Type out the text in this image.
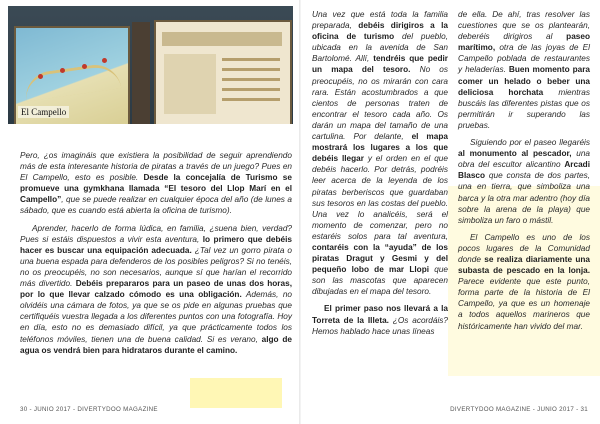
El Campello

Pero, ¿os imagináis que existiera la posibilidad de seguir aprendiendo más de esta interesante historia de piratas a través de un juego? Pues en El Campello, esto es posible. Desde la concejalía de Turismo se promueve una gymkhana llamada “El tesoro del Llop Marí en el Campello”, que se puede realizar en cualquier época del año (de lunes a sábado, que es cuando está abierta la oficina de turismo).

Aprender, hacerlo de forma lúdica, en familia, ¿suena bien, verdad? Pues si estáis dispuestos a vivir esta aventura, lo primero que debéis hacer es buscar una equipación adecuada. ¿Tal vez un gorro pirata o una buena espada para defenderos de los posibles peligros? Si no tenéis, no os preocupéis, no son necesarios, aunque sí que harían el recorrido más divertido. Debéis prepararos para un paseo de unas dos horas, por lo que llevar calzado cómodo es una obligación. Además, no olvidéis una cámara de fotos, ya que se os pide en algunas pruebas que certifiquéis vuestra llegada a los diferentes puntos con una fotografía. Hoy en día, esto no es demasiado difícil, ya que prácticamente todos los teléfonos móviles, tienen una de buena calidad. Si es verano, algo de agua os vendrá bien para hidrataros durante el camino.

Una vez que está toda la familia preparada, debéis dirigiros a la oficina de turismo del pueblo, ubicada en la avenida de San Bartolomé. Allí, tendréis que pedir un mapa del tesoro. No os preocupéis, no os mirarán con cara rara. Están acostumbrados a que cientos de personas traten de encontrar el tesoro cada año. Os darán un mapa del tamaño de una cartulina. Por delante, el mapa mostrará los lugares a los que debéis llegar y el orden en el que debéis hacerlo. Por detrás, podréis leer acerca de la leyenda de los piratas berberiscos que guardaban sus tesoros en las costas del pueblo. Una vez lo analicéis, será el momento de comenzar, pero no estaréis solos para tal aventura, contaréis con la “ayuda” de los piratas Dragut y Gesmi y del pequeño lobo de mar Llopi que son las mascotas que aparecen dibujadas en el mapa del tesoro.

El primer paso nos llevará a la Torreta de la Illeta. ¿Os acordáis? Hemos hablado hace unas líneas

de ella. De ahí, tras resolver las cuestiones que se os plantearán, deberéis dirigiros al paseo marítimo, otra de las joyas de El Campello poblada de restaurantes y heladerías. Buen momento para comer un helado o beber una deliciosa horchata mientras buscáis las diferentes pistas que os permitirán ir superando las pruebas.

Siguiendo por el paseo llegaréis al monumento al pescador, una obra del escultor alicantino Arcadi Blasco que consta de dos partes, una en tierra, que simboliza una barca y la otra mar adentro (hoy día sobre la arena de la playa) que simboliza un faro o mástil.

El Campello es uno de los pocos lugares de la Comunidad donde se realiza diariamente una subasta de pescado en la lonja. Parece evidente que este punto, forma parte de la historia de El Campello, ya que es un homenaje a todos aquellos marineros que históricamente han vivido del mar.

30 - JUNIO 2017 - DIVERTYDOO MAGAZINE	DIVERTYDOO MAGAZINE - JUNIO 2017 - 31
